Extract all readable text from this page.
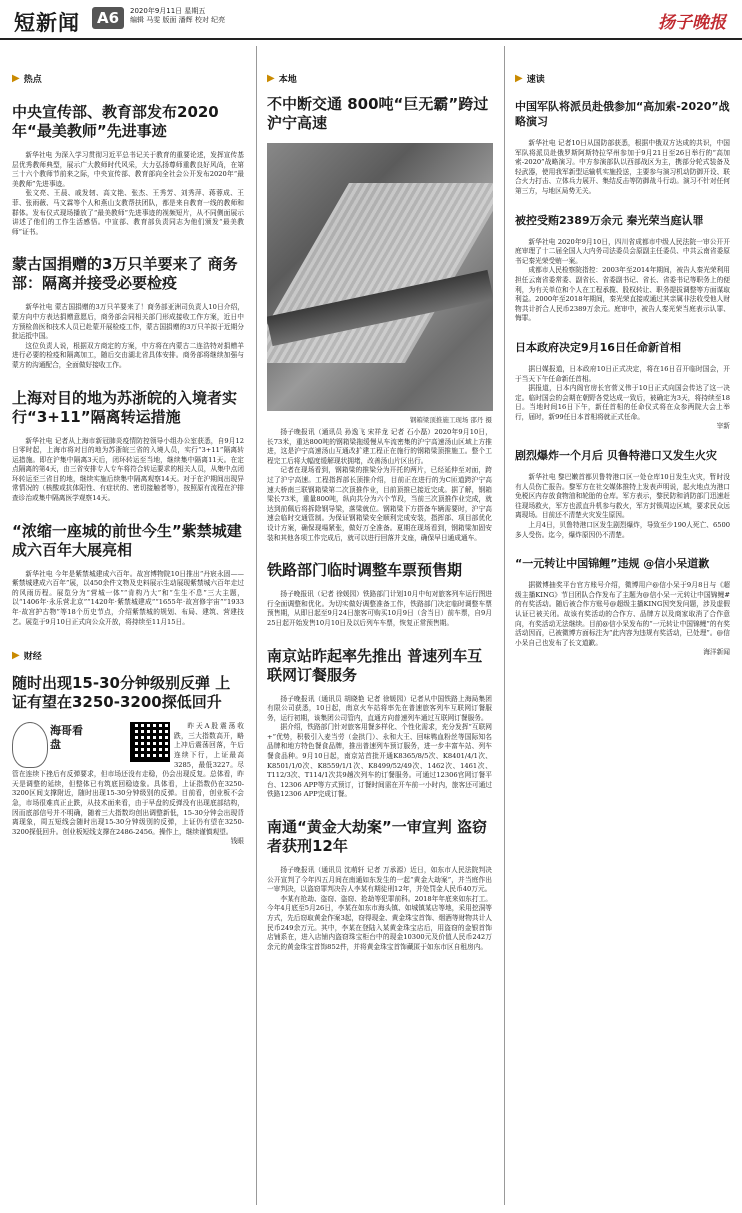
短新闻	A6	2020年9月11日 星期五
编辑 马雯 版面 潘辉 校对 纪亮	扬子晚报
▶ 热点
中央宣传部、教育部发布2020年“最美教师”先进事迹

新华社电 为深入学习贯彻习近平总书记关于教育的重要论述，发挥宣传基层优秀教师典型，展示广大教师时代风采，大力弘扬尊师重教良好风尚，在第三十六个教师节前来之际，中央宣传部、教育部向全社会公开发布2020年“最美教师”先进事迹。

张文亮、王晨、戚发轫、高文艳、张杰、王秀芳、刘秀萍、蒋蓉成、王菲、张雨薇、马文霖等个人和燕山支教帮扶团队，都是来自教育一线的教师和群体。发布仪式现场播放了“最美教师”先进事迹的视频短片，从不同侧面展示讲述了他们的工作生活感悟。中宣部、教育部负责同志为他们颁发“最美教师”证书。

蒙古国捐赠的3万只羊要来了 商务部：隔离并接受必要检疫

新华社电 蒙古国捐赠的3万只羊要来了！商务部亚洲司负责人10日介绍，蒙方向中方表达捐赠意愿后，商务部会同相关部门形成接收工作方案，近日中方预检兽医和技术人员已赴蒙开展检疫工作，蒙古国捐赠的3万只羊拟于近期分批运抵中国。

这位负责人说，根据双方商定的方案，中方将在内蒙古二连浩特对捐赠羊进行必要的检疫和隔离加工，随后交由湖北省具体安排。商务部将继续加强与蒙方的沟通配合，全面做好接收工作。

上海对目的地为苏浙皖的入境者实行“3+11”隔离转运措施

新华社电 记者从上海市新冠肺炎疫情防控领导小组办公室获悉，自9月12日零时起，上海市将对目的地为苏浙皖三省的入境人员，实行“3+11”隔离转运措施。即在沪集中隔离3天后，闭环转运至当地，继续集中隔离11天。在定点隔离的第4天，由三省安排专人专车将符合转运要求的相关人员，从集中点闭环转运至三省目的地，继续实施后续集中隔离观察14天。对于在沪期间出现异常情况的（核酸或抗体阳性、有症状的、密切接触者等），按照原有流程在沪排查诊治或集中隔离医学观察14天。

“浓缩一座城的前世今生”紫禁城建成六百年大展亮相

新华社电 今年是紫禁城建成六百年。故宫博物院10日推出“丹宸永固——紫禁城建成六百年”展，以450余件文物及史料展示生动展现紫禁城六百年走过的风雨历程。展览分为“营城一体”“肯构乃大”和“生生不息”三大主题，以“1406年·永乐营北京”“1420年·紫禁城建成”“1655年·故宫修宇宙”“1933年·故宫护古物”等18个历史节点，介绍紫禁城的规划、布局、建筑、营建技艺。展览于9月10日正式向公众开放，将持续至11月15日。

▶ 财经
随时出现15-30分钟级别反弹 上证有望在3250-3200探低回升
海哥看盘

昨天A股震荡收跌，三大指数高开，略上冲后震荡回落，午后连续下行，上证最高3285，最低3227。尽管在连续下挫后有反弹要求，但市场还没有走稳，仍会出现反复。总体看，昨天是调整的延续，但整体已有筑底回稳迹象。具体看，上证指数仍在3250-3200区间支撑附近，随时出现15-30分钟级别的反弹。目前看，创业板不会急，市场很难真正止跌，从技术面来看，由于早盘的反弹没有出现底部结构，因而底部信号并不明确，随着三大指数均创出调整新低，15-30分钟会出现背离现象，周五短线会随时出现15-30分钟级别的反弹，上证仍有望在3250-3200探低回升。创业板短线支撑在2486-2456。操作上，继续谨慎观望。

钱眼

▶ 本地
不中断交通 800吨“巨无霸”跨过沪宁高速
钢箱梁顶推施工现场 邵丹 摄

扬子晚报讯（通讯员 孙逸飞 宋祥龙 记者 石小磊）2020年9月10日，长73米，重达800吨的钢箱梁拖缓慢从车流密集的沪宁高速汤山区域上方推进，这是沪宁高速汤山互通改扩建工程正在施行的钢箱梁顶推施工。整个工程完工后将大幅度缓解现状拥堵，改善汤山片区出行。

记者在现场看到，钢箱梁的推梁分为开托的两片，已经延伸至对面，跨过了沪宁高速。工程指挥部长顶推介绍，目前正在进行的为C匝道跨沪宁高速大桥南三联钢箱梁第二次顶推作业，目前顶推已接近完成。据了解，钢箱梁长73米，重量800吨，纵向共分为六个节段，当前三次顶推作业完成，就达到前佩后将拆除钢导梁，落梁就位。钢箱梁下方搭备车辆需要时，沪宁高速会临时交通管制。为保证钢箱梁安全顺利完成安装，指挥部、项目部优化设计方案，确保现場紧张，做好万全准备。夏期在现场看到，钢箱梁加固安装和其他各项工作完成后，就可以进行回落并支座，确保早日通成通车。

铁路部门临时调整车票预售期

扬子晚报讯（记者 徐媛园）铁路部门计划10月中旬对旅客列车运行图进行全面调整和优化。为切实做好调整准备工作，铁路部门决定临时调整车票预售期，从即日起至9月24日旅客可购买10月9日（含当日）前车票，自9月25日起开始发售10月10日及以后列车车票，恢复正常预售期。

南京站昨起率先推出 普速列车互联网订餐服务

扬子晚报讯（通讯员 胡晓艳 记者 徐媛园）记者从中国铁路上海局集团有限公司获悉，10日起，南京火车站将率先在普速旅客列车互联网订餐服务，运行初期，该集团公司管内，直通方向普速列车通过互联网订餐服务。

据介绍，铁路部门针对旅客用餐多样化、个性化需求，充分发挥“互联网+”优势，积极引入麦当劳（金拱门）、永和大王、回味鸭血粉丝等国际知名品牌和地方特色餐食品牌，推出普速列车预订服务，进一步丰富车站、列车餐食品种。9月10日起，南京站首批开通K8365/8/5次、K8401/4/1次、K8501/1/0次、K8559/1/1次、K8499/52/49次、1462次、1461次、T112/3次、T114/1次共9趟次列车的订餐服务。可通过12306官网订餐平台、12306 APP等方式预订，订餐时间需在开车前一小时内，旅客还可通过铁路12306 APP完成订餐。

南通“黄金大劫案”一审宣判 盗窃者获刑12年

扬子晚报讯（通讯员 沈萌轩 记者 万承源）近日，如东市人民法院判决公开宣判了今年四五月间在南通如东发生的一起“黄金大劫案”，并当庭作出一审判决，以盗窃罪判决告人李某有期徒刑12年，并处罚金人民币40万元。

李某有抢劫、盗窃、盗窃、抢劫等犯罪前科。2018年年底来如东打工。今年4月底至5月26日，李某在如东市海头镇、如城镇某店等地，采用挖洞等方式，先后窃取黄金作案3起，窃得现金、黄金珠宝首饰、烟酒等财物共计人民币249余万元。其中，李某在登陆入某黄金珠宝店后，用盗窃的金银首饰店铺系在，进入店铺内盗窃珠宝柜台中的现金10300元及价值人民币242万余元的黄金珠宝首饰852件，并将黄金珠宝首饰藏匿于如东市区自租房内。

▶ 速读
中国军队将派员赴俄参加“高加索-2020”战略演习

新华社电 记者10日从国防部获悉，根据中俄双方达成的共识，中国军队将派员赴俄罗斯阿斯特拉罕州参加于9月21日至26日举行的“高加索-2020”战略演习。中方参演部队以西部战区为主，携部分轮式装备及轻武器，使用我军新型运输机实施投送，主要参与演习机动防御开设、联合火力打击、立体兵力展开、集结反击等防御战斗行动。演习不针对任何第三方，与地区局势无关。

被控受贿2389万余元 秦光荣当庭认罪

新华社电 2020年9月10日，四川省成都市中级人民法院一审公开开庭审理了十二届全国人大内务司法委员会原副主任委员、中共云南省委原书记秦光荣受贿一案。

成都市人民检察院指控：2003年至2014年期间，被告人秦光荣利用担任云南省委常委、副省长、省委副书记、省长、省委书记等职务上的便利，为有关单位和个人在工程承揽、股权转让、职务提拔调整等方面谋取利益。2000年至2018年期间，秦光荣直接或通过其亲属非法收受他人财物共计折合人民币2389万余元。庭审中，被告人秦光荣当庭表示认罪、悔罪。

日本政府决定9月16日任命新首相

据日媒报道，日本政府10日正式决定，将在16日召开临时国会，开于当天下午任命新任首相。

据报道，日本内阁官房长官菅义伟于10日正式向国会传达了这一决定。临时国会的会期在朝野各党达成一致后，被确定为3天，将持续至18日。当地时间16日下午，新任首相的任命仪式将在众参两院大会上举行，届时，新99任日本首相将就正式任命。

宰新

剧烈爆炸一个月后 贝鲁特港口又发生火灾

新华社电 黎巴嫩首都贝鲁特港口区一处仓库10日发生火灾，暂时没有人员伤亡报告。黎军方在社交媒体推特上发表声明说，起火地点为港口免税区内存放食物油和轮胎的仓库。军方表示，黎民防和消防部门迅速赶往现场救火，军方也派直升机参与救火，军方封锁周边区域，要求民众远离现场。目前还不清楚火灾发生原因。

上月4日，贝鲁特港口区发生剧烈爆炸，导致至少190人死亡、6500多人受伤。迄今，爆炸原因仍不清楚。

“一元转让中国锦鲤”违规 @信小呆道歉

据微博抽奖平台官方账号介绍，微博用户@信小呆于9月8日与《超级主播KING》节目团队合作发布了主题为@信小呆一元转让中国锦鲤#的有奖活动。随后被合作方账号@超级主播KING因突发问题，涉及虚假认证已被关闭。故该有奖活动的合作方、品牌方以及商家取消了合作意向，有奖活动无法继续。目前@信小呆发布的“一元转让中国锦鲤”的有奖活动因而，已被微博方面标注为“此内容为违规有奖活动，已处理”。@信小呆自己也发布了长文道歉。

海洋新闻
